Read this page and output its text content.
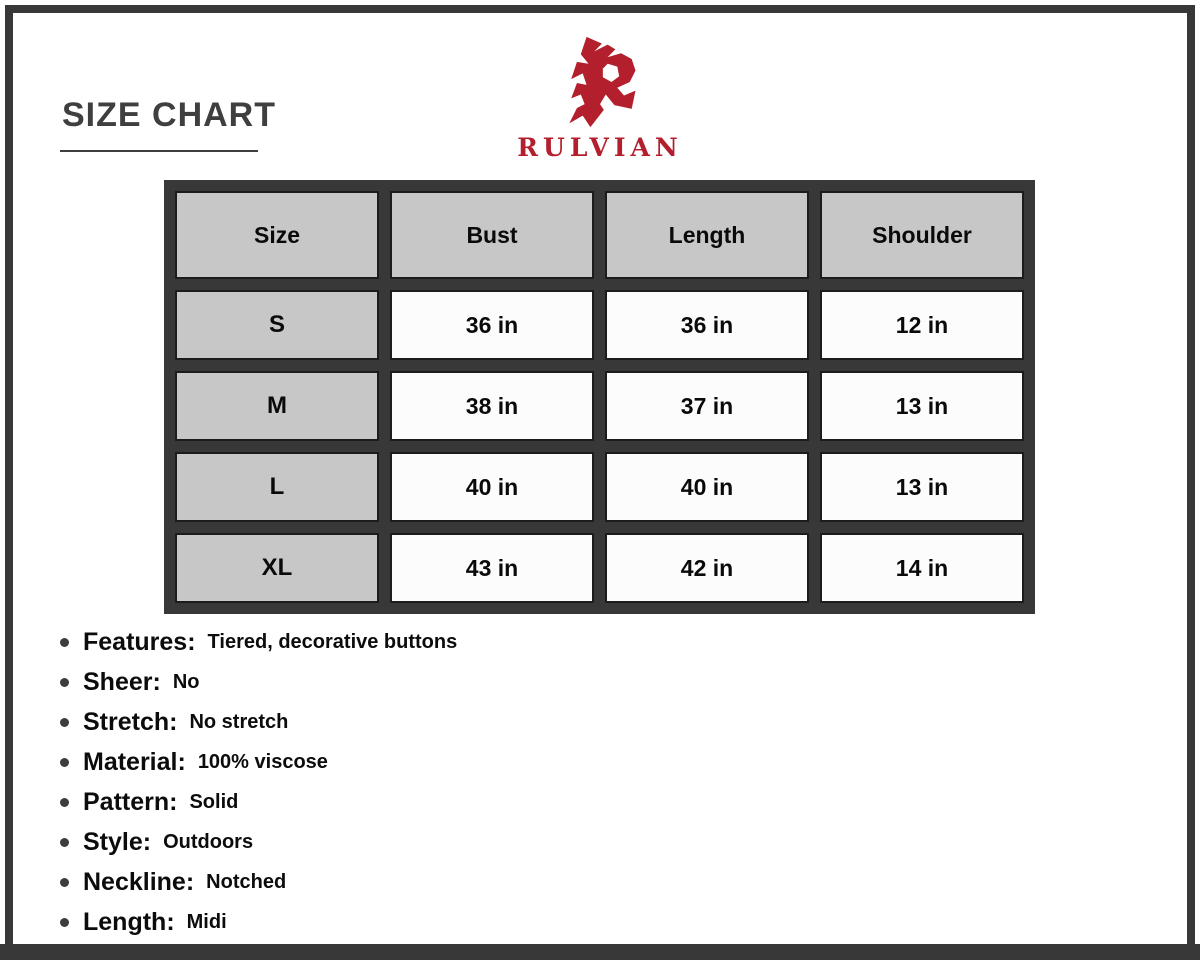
SIZE CHART
RULVIAN
Size	Bust	Length	Shoulder
S	36 in	36 in	12 in
M	38 in	37 in	13 in
L	40 in	40 in	13 in
XL	43 in	42 in	14 in
Features: Tiered, decorative buttons
Sheer: No
Stretch: No stretch
Material: 100% viscose
Pattern: Solid
Style: Outdoors
Neckline: Notched
Length: Midi
